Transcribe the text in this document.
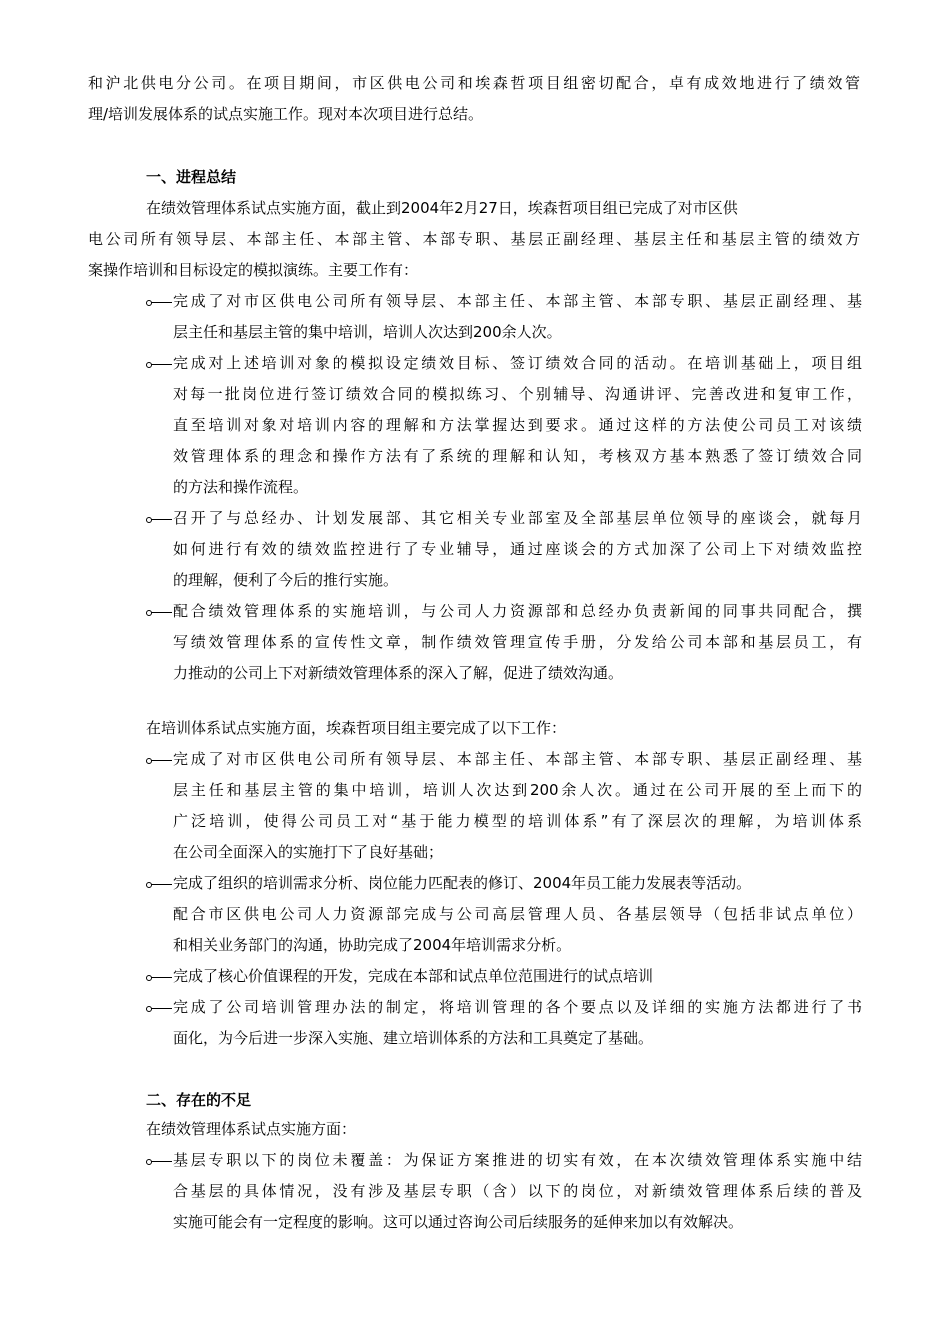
和沪北供电分公司。在项目期间，市区供电公司和埃森哲项目组密切配合，卓有成效地进行了绩效管
理/培训发展体系的试点实施工作。现对本次项目进行总结。
一、进程总结
在绩效管理体系试点实施方面，截止到2004年2月27日，埃森哲项目组已完成了对市区供
电公司所有领导层、本部主任、本部主管、本部专职、基层正副经理、基层主任和基层主管的绩效方
案操作培训和目标设定的模拟演练。主要工作有：
完成了对市区供电公司所有领导层、本部主任、本部主管、本部专职、基层正副经理、基
层主任和基层主管的集中培训，培训人次达到200余人次。
完成对上述培训对象的模拟设定绩效目标、签订绩效合同的活动。在培训基础上，项目组
对每一批岗位进行签订绩效合同的模拟练习、个别辅导、沟通讲评、完善改进和复审工作，
直至培训对象对培训内容的理解和方法掌握达到要求。通过这样的方法使公司员工对该绩
效管理体系的理念和操作方法有了系统的理解和认知，考核双方基本熟悉了签订绩效合同
的方法和操作流程。
召开了与总经办、计划发展部、其它相关专业部室及全部基层单位领导的座谈会，就每月
如何进行有效的绩效监控进行了专业辅导，通过座谈会的方式加深了公司上下对绩效监控
的理解，便利了今后的推行实施。
配合绩效管理体系的实施培训，与公司人力资源部和总经办负责新闻的同事共同配合，撰
写绩效管理体系的宣传性文章，制作绩效管理宣传手册，分发给公司本部和基层员工，有
力推动的公司上下对新绩效管理体系的深入了解，促进了绩效沟通。
在培训体系试点实施方面，埃森哲项目组主要完成了以下工作：
完成了对市区供电公司所有领导层、本部主任、本部主管、本部专职、基层正副经理、基
层主任和基层主管的集中培训，培训人次达到200余人次。通过在公司开展的至上而下的
广泛培训，使得公司员工对“基于能力模型的培训体系”有了深层次的理解，为培训体系
在公司全面深入的实施打下了良好基础；
完成了组织的培训需求分析、岗位能力匹配表的修订、2004年员工能力发展表等活动。
配合市区供电公司人力资源部完成与公司高层管理人员、各基层领导（包括非试点单位）
和相关业务部门的沟通，协助完成了2004年培训需求分析。
完成了核心价值课程的开发，完成在本部和试点单位范围进行的试点培训
完成了公司培训管理办法的制定，将培训管理的各个要点以及详细的实施方法都进行了书
面化，为今后进一步深入实施、建立培训体系的方法和工具奠定了基础。
二、存在的不足
在绩效管理体系试点实施方面：
基层专职以下的岗位未覆盖：为保证方案推进的切实有效，在本次绩效管理体系实施中结
合基层的具体情况，没有涉及基层专职（含）以下的岗位，对新绩效管理体系后续的普及
实施可能会有一定程度的影响。这可以通过咨询公司后续服务的延伸来加以有效解决。
